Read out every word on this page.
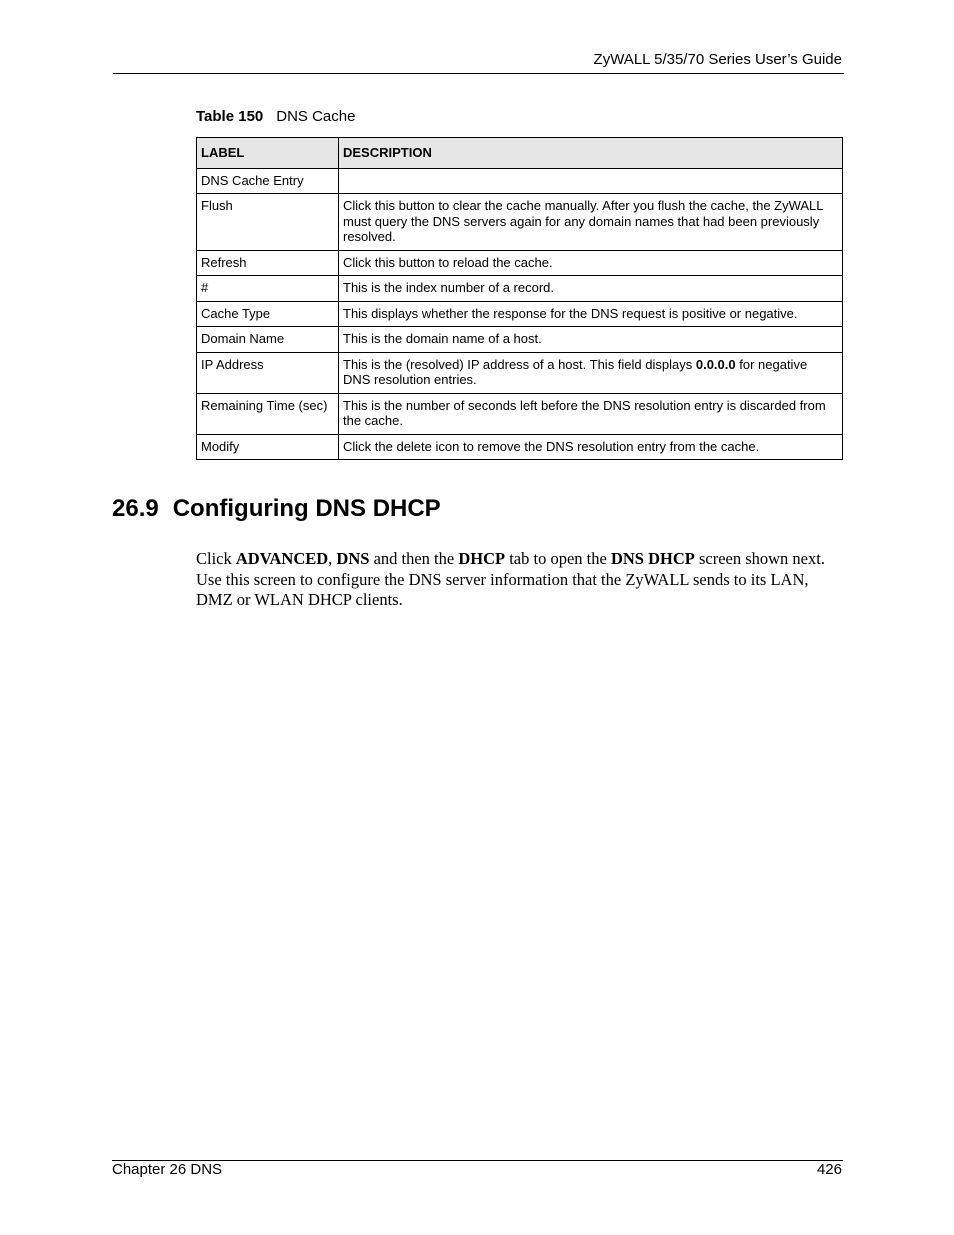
ZyWALL 5/35/70 Series User’s Guide
Table 150 DNS Cache
LABEL	DESCRIPTION
DNS Cache Entry	
Flush	Click this button to clear the cache manually. After you flush the cache, the ZyWALL must query the DNS servers again for any domain names that had been previously resolved.
Refresh	Click this button to reload the cache.
#	This is the index number of a record.
Cache Type	This displays whether the response for the DNS request is positive or negative.
Domain Name	This is the domain name of a host.
IP Address	This is the (resolved) IP address of a host. This field displays 0.0.0.0 for negative DNS resolution entries.
Remaining Time (sec)	This is the number of seconds left before the DNS resolution entry is discarded from the cache.
Modify	Click the delete icon to remove the DNS resolution entry from the cache.
26.9 Configuring DNS DHCP
Click ADVANCED, DNS and then the DHCP tab to open the DNS DHCP screen shown next. Use this screen to configure the DNS server information that the ZyWALL sends to its LAN, DMZ or WLAN DHCP clients.
Chapter 26 DNS	426
